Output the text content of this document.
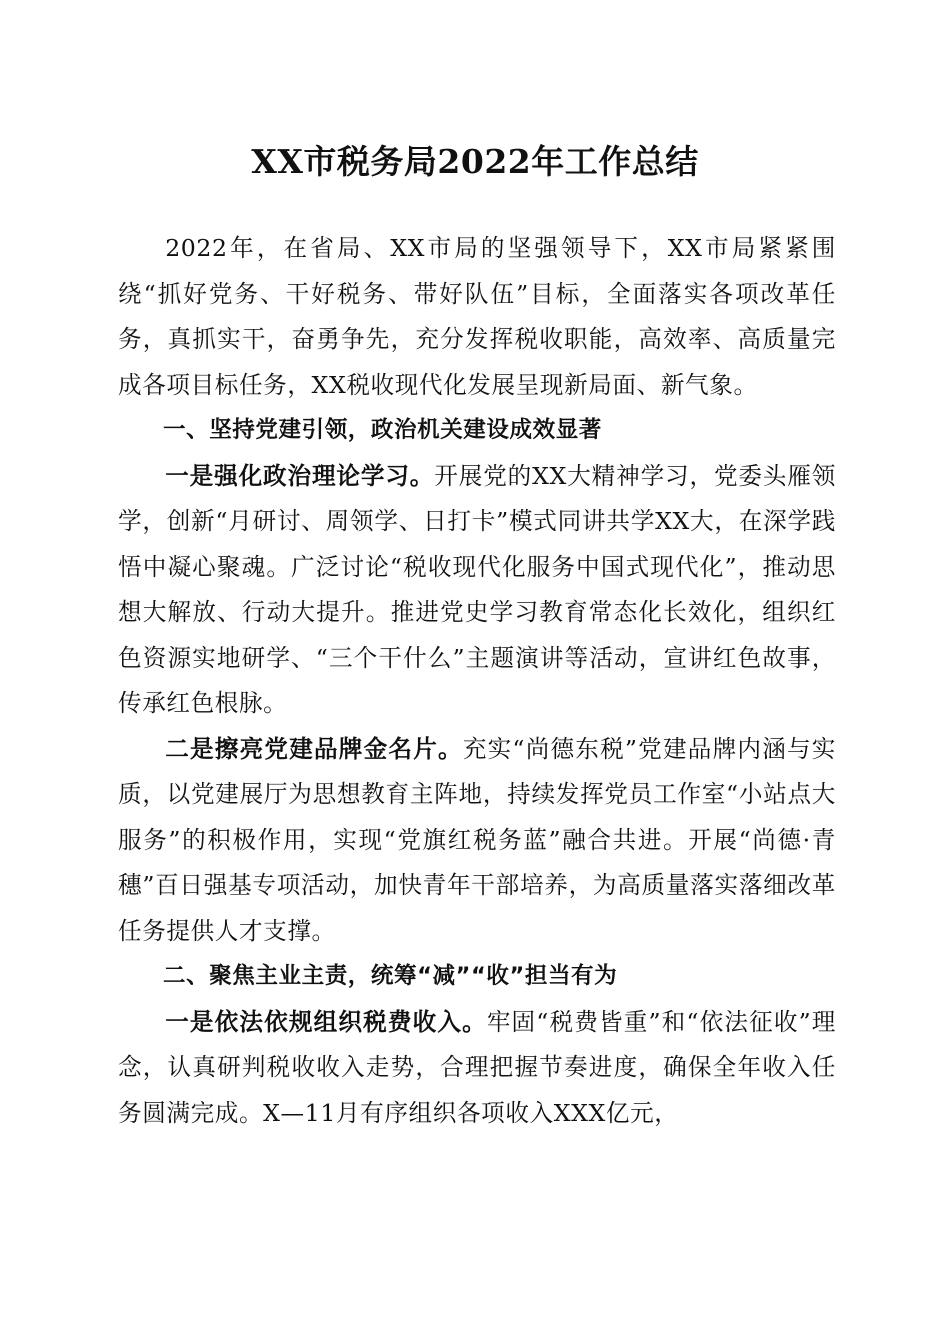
XX市税务局2022年工作总结

2022年，在省局、XX市局的坚强领导下，XX市局紧紧围绕“抓好党务、干好税务、带好队伍”目标，全面落实各项改革任务，真抓实干，奋勇争先，充分发挥税收职能，高效率、高质量完成各项目标任务，XX税收现代化发展呈现新局面、新气象。

一、坚持党建引领，政治机关建设成效显著

一是强化政治理论学习。开展党的XX大精神学习，党委头雁领学，创新“月研讨、周领学、日打卡”模式同讲共学XX大，在深学践悟中凝心聚魂。广泛讨论“税收现代化服务中国式现代化”，推动思想大解放、行动大提升。推进党史学习教育常态化长效化，组织红色资源实地研学、“三个干什么”主题演讲等活动，宣讲红色故事，传承红色根脉。

二是擦亮党建品牌金名片。充实“尚德东税”党建品牌内涵与实质，以党建展厅为思想教育主阵地，持续发挥党员工作室“小站点大服务”的积极作用，实现“党旗红税务蓝”融合共进。开展“尚德·青穗”百日强基专项活动，加快青年干部培养，为高质量落实落细改革任务提供人才支撑。

二、聚焦主业主责，统筹“减”“收”担当有为

一是依法依规组织税费收入。牢固“税费皆重”和“依法征收”理念，认真研判税收收入走势，合理把握节奏进度，确保全年收入任务圆满完成。X—11月有序组织各项收入XXX亿元，
